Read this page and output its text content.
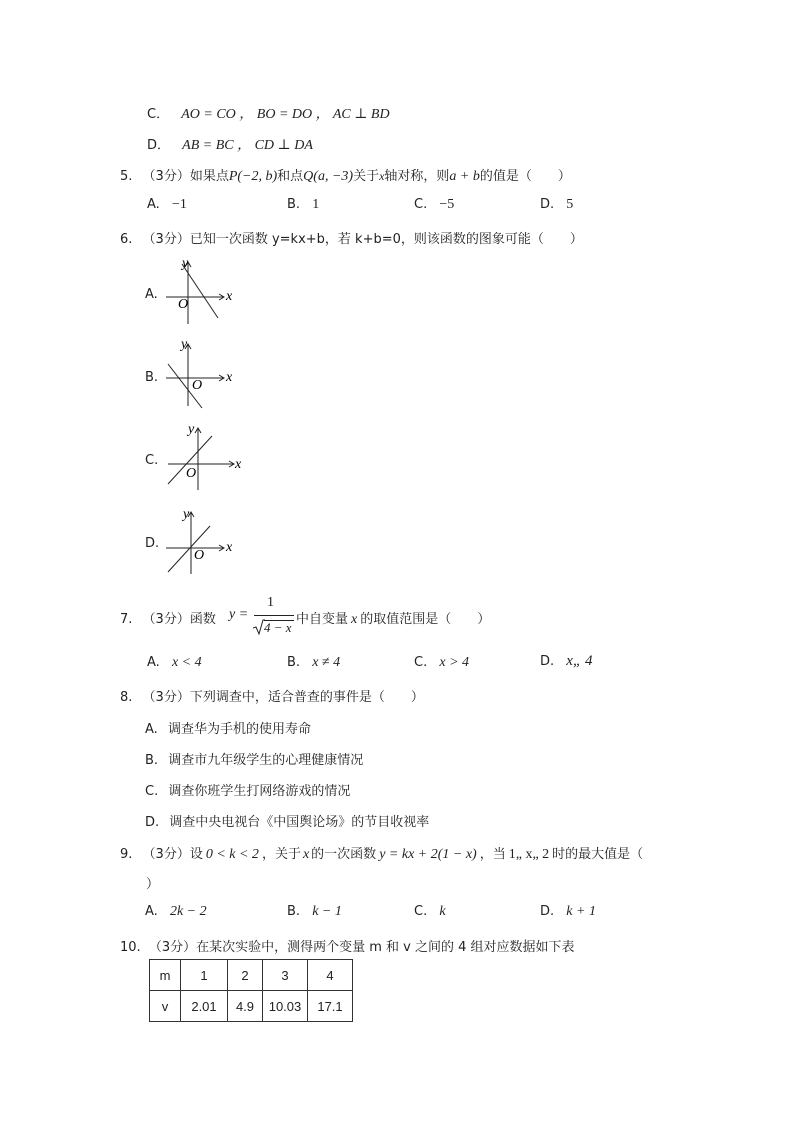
C． AO = CO ， BO = DO ， AC ⊥ BD
D． AB = BC ， CD ⊥ DA
5. （3分）如果点P(−2, b)和点Q(a, −3)关于x轴对称，则a + b的值是（　　）
A. −1	B. 1	C. −5	D. 5
6. （3分）已知一次函数 y=kx+b，若 k+b=0，则该函数的图象可能（　　）
A.	x
y
O
B.	x
y
O
C.	x
y
O
D.	x
y
O
7. （3分）函数 y =
1
4 − x
中自变量 x 的取值范围是（　　）
A. x < 4	B. x ≠ 4	C. x > 4	D. x„ 4
8. （3分）下列调查中，适合普查的事件是（　　）
A. 调查华为手机的使用寿命
B. 调查市九年级学生的心理健康情况
C. 调查你班学生打网络游戏的情况
D. 调查中央电视台《中国舆论场》的节目收视率
9. （3分）设 0 < k < 2 ，关于 x 的一次函数 y = kx + 2(1 − x) ，当 1„ x„ 2 时的最大值是（
）
A. 2k − 2	B. k − 1	C. k	D. k + 1
10. （3分）在某次实验中，测得两个变量 m 和 v 之间的 4 组对应数据如下表
m	1	2	3	4
v	2.01	4.9	10.03	17.1
